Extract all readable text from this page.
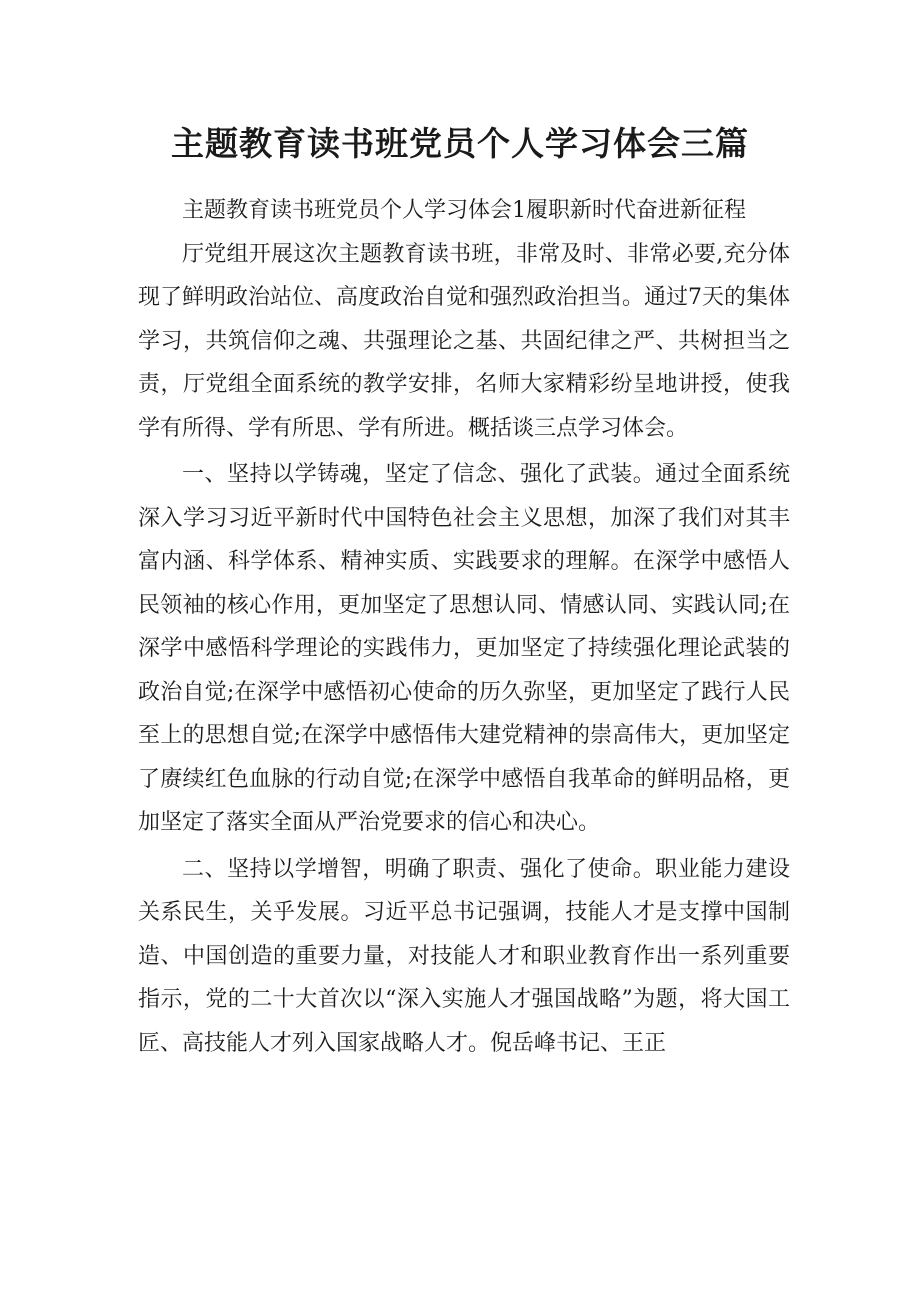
主题教育读书班党员个人学习体会三篇

主题教育读书班党员个人学习体会1履职新时代奋进新征程

厅党组开展这次主题教育读书班，非常及时、非常必要,充分体现了鲜明政治站位、高度政治自觉和强烈政治担当。通过7天的集体学习，共筑信仰之魂、共强理论之基、共固纪律之严、共树担当之责，厅党组全面系统的教学安排，名师大家精彩纷呈地讲授，使我学有所得、学有所思、学有所进。概括谈三点学习体会。

一、坚持以学铸魂，坚定了信念、强化了武装。通过全面系统深入学习习近平新时代中国特色社会主义思想，加深了我们对其丰富内涵、科学体系、精神实质、实践要求的理解。在深学中感悟人民领袖的核心作用，更加坚定了思想认同、情感认同、实践认同;在深学中感悟科学理论的实践伟力，更加坚定了持续强化理论武装的政治自觉;在深学中感悟初心使命的历久弥坚，更加坚定了践行人民至上的思想自觉;在深学中感悟伟大建党精神的崇高伟大，更加坚定了赓续红色血脉的行动自觉;在深学中感悟自我革命的鲜明品格，更加坚定了落实全面从严治党要求的信心和决心。

二、坚持以学增智，明确了职责、强化了使命。职业能力建设关系民生，关乎发展。习近平总书记强调，技能人才是支撑中国制造、中国创造的重要力量，对技能人才和职业教育作出一系列重要指示，党的二十大首次以“深入实施人才强国战略”为题，将大国工匠、高技能人才列入国家战略人才。倪岳峰书记、王正
